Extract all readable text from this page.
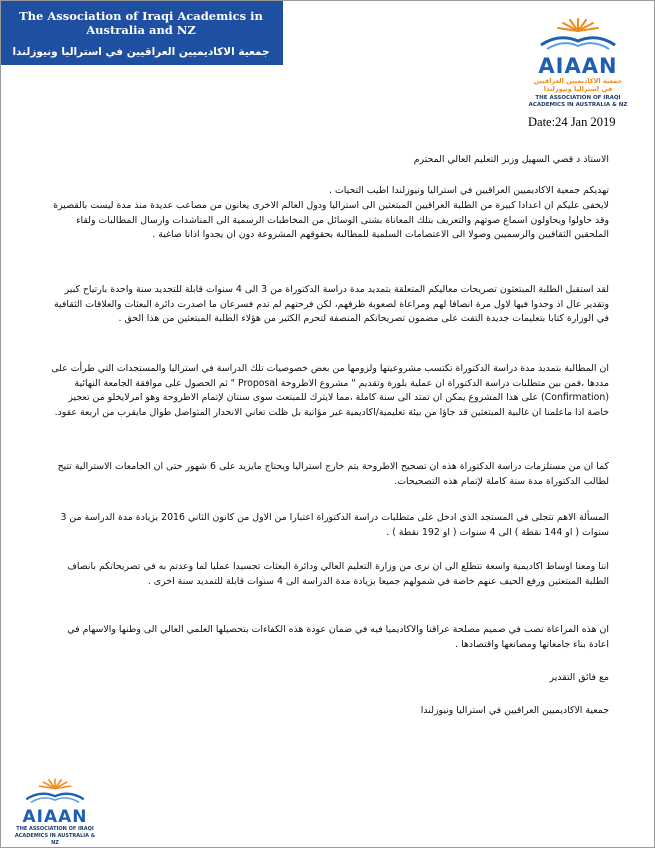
The Association of Iraqi Academics in Australia and NZ
جمعية الاكاديميين العراقيين في استراليا ونيوزلندا
AIAAN
جمعية الاكاديميين العراقيين
في استراليا ونيوزلندا
THE ASSOCIATION OF IRAQI
ACADEMICS IN AUSTRALIA & NZ
Date:24 Jan 2019
الاستاذ د قصي السهيل وزير التعليم العالي المحترم
تهديكم جمعية الاكاديميين العراقيين في استراليا ونيوزلندا اطيب التحيات .
لايخفى عليكم ان اعدادا كبيرة من الطلبة العراقيين المبتعثين الى استراليا ودول العالم الاخرى يعانون من مصاعب عديدة منذ مدة ليست بالقصيرة وقد حاولوا ويحاولون اسماع صوتهم والتعريف بتلك المعاناة بشتى الوسائل من المخاطبات الرسمية الى المناشدات وارسال المطالبات ولقاء الملحقين الثقافيين والرسميين وصولا الى الاعتصامات السلمية للمطالبة بحقوقهم المشروعة دون ان يجدوا اذانا صاغية .
لقد استقبل الطلبة المبتعثون تصريحات معاليكم المتعلقة بتمديد مدة دراسة الدكتوراة من 3 الى 4 سنوات قابلة للتجديد سنة واحدة بارتياح كبير وتقدير عال اذ وجدوا فيها لاول مرة انصافا لهم ومراعاة لصعوبة ظرفهم، لكن فرحتهم لم تدم فسرعان ما اصدرت دائرة البعثات والعلاقات الثقافية في الوزارة كتابا بتعليمات جديدة التفت على مضمون تصريحاتكم المنصفة لتحرم الكثير من هؤلاء الطلبة المبتعثين من هذا الحق .
ان المطالبة بتمديد مدة دراسة الدكتوراة تكتسب مشروعيتها ولزومها من بعض خصوصيات تلك الدراسة في استراليا والمستجدات التي طرأت على مددها ،فمن بين متطلبات دراسة الدكتوراة ان عملية بلورة وتقديم " مشروع الاطروحة Proposal " ثم الحصول على موافقة الجامعة النهائية (Confirmation) على هذا المشروع يمكن ان تمتد الى سنة كاملة ،مما لايترك للمبتعث سوى سنتان لإتمام الاطروحة وهو امرلايخلو من تعجيز خاصة اذا ماعلمنا ان غالبية المبتعثين قد جاؤا من بيئة تعليمية/اكاديمية غير مؤاتية بل ظلت تعاني الانحدار المتواصل طوال مايقرب من اربعة عقود.
كما ان من مستلزمات دراسة الدكتوراة هذه ان تصحيح الاطروحة يتم خارج استراليا ويحتاج مايزيد على 6 شهور حتى ان الجامعات الاسترالية تتيح لطالب الدكتوراة مدة سنة كاملة لإتمام هذه التصحيحات.
المسألة الاهم تتجلى في المستجد الذي ادخل على متطلبات دراسة الدكتوراة اعتبارا من الاول من كانون الثاني 2016 بزيادة مدة الدراسة من 3 سنوات ( او 144 نقطة ) الى 4 سنوات ( او 192 نقطة ) .
اننا ومعنا اوساط اكاديمية واسعة نتطلع الى ان نرى من وزارة التعليم العالي ودائرة البعثات تجسيدا عمليا لما وعدتم به في تصريحاتكم بانصاف الطلبة المبتعثين ورفع الحيف عنهم خاصة في شمولهم جميعا بزيادة مدة الدراسة الى 4 سنوات قابلة للتمديد سنة اخرى .
ان هذه المراعاة تصب في صميم مصلحة عراقنا والاكاديميا فيه في ضمان عودة هذه الكفاءات بتحصيلها العلمي العالي الى وطنها والاسهام في اعادة بناء جامعاتها ومصانعها واقتصادها .
مع فائق التقدير
جمعية الاكاديميين العراقيين في استراليا ونيوزلندا
AIAAN
THE ASSOCIATION OF IRAQI
ACADEMICS IN AUSTRALIA & NZ
